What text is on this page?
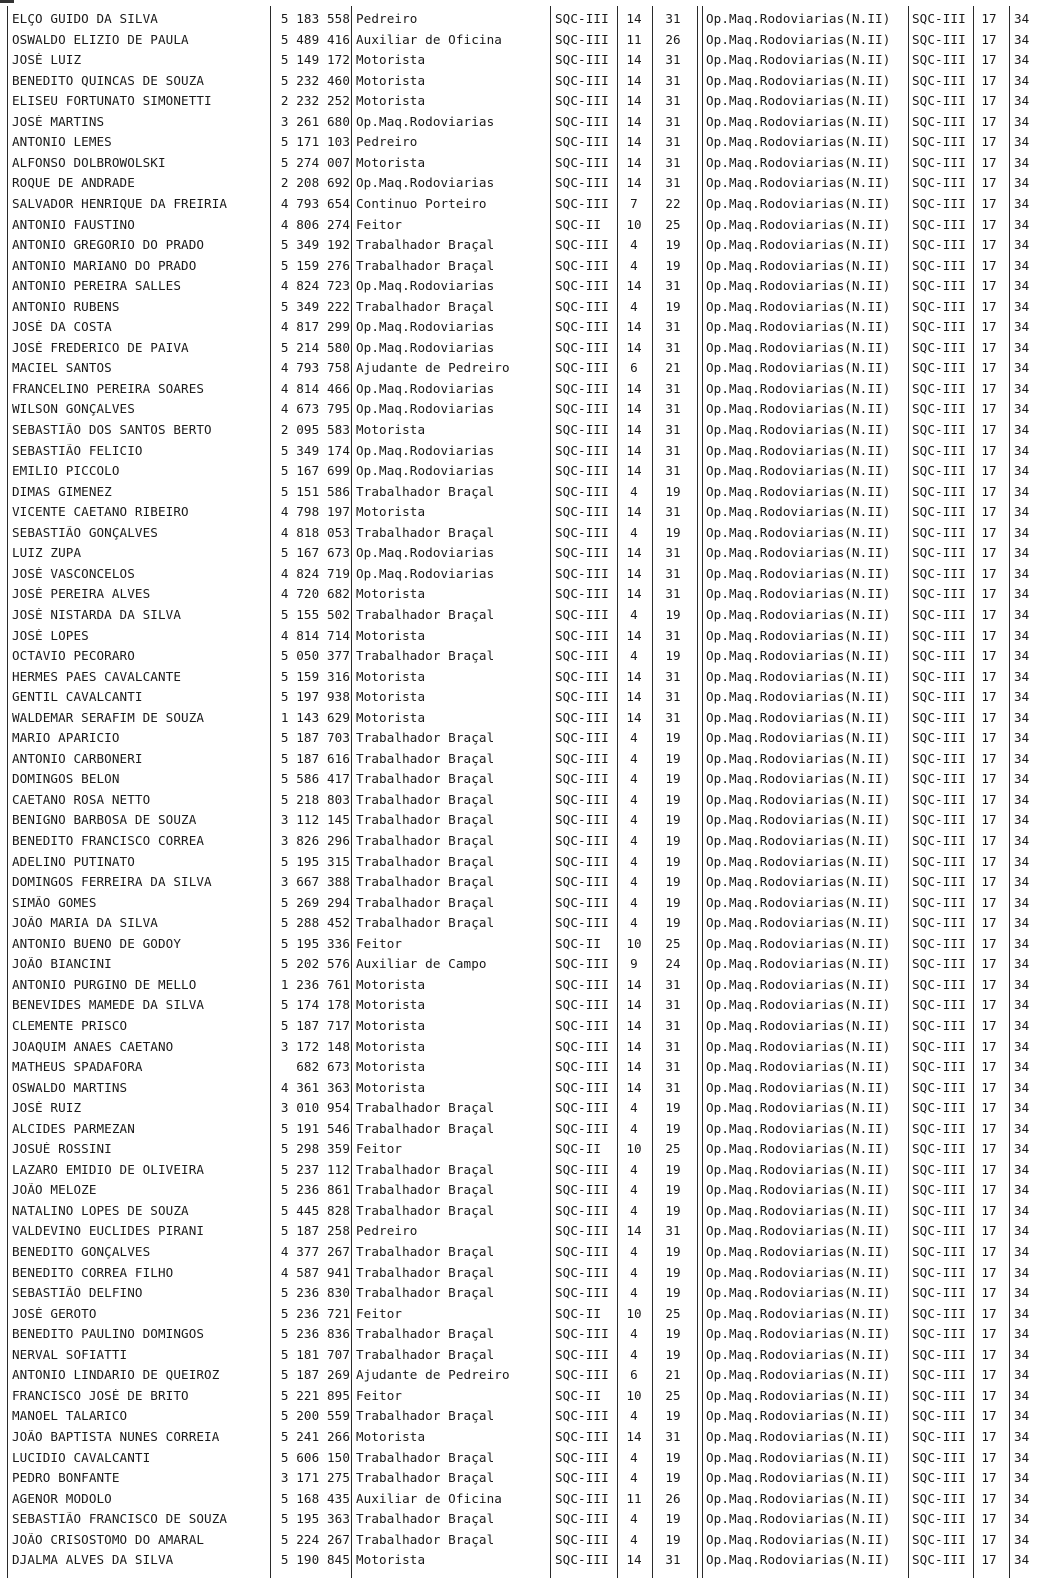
ELÇO GUIDO DA SILVA	5 183 558 Pedreiro	SQC-III	14	31	Op.Maq.Rodoviarias(N.II)	SQC-III	17	34
OSWALDO ELIZIO DE PAULA	5 489 416 Auxiliar de Oficina	SQC-III	11	26	Op.Maq.Rodoviarias(N.II)	SQC-III	17	34
JOSÉ LUIZ	5 149 172 Motorista	SQC-III	14	31	Op.Maq.Rodoviarias(N.II)	SQC-III	17	34
BENEDITO QUINCAS DE SOUZA	5 232 460 Motorista	SQC-III	14	31	Op.Maq.Rodoviarias(N.II)	SQC-III	17	34
ELISEU FORTUNATO SIMONETTI	2 232 252 Motorista	SQC-III	14	31	Op.Maq.Rodoviarias(N.II)	SQC-III	17	34
JOSÉ MARTINS	3 261 680 Op.Maq.Rodoviarias	SQC-III	14	31	Op.Maq.Rodoviarias(N.II)	SQC-III	17	34
ANTONIO LEMES	5 171 103 Pedreiro	SQC-III	14	31	Op.Maq.Rodoviarias(N.II)	SQC-III	17	34
ALFONSO DOLBROWOLSKI	5 274 007 Motorista	SQC-III	14	31	Op.Maq.Rodoviarias(N.II)	SQC-III	17	34
ROQUE DE ANDRADE	2 208 692 Op.Maq.Rodoviarias	SQC-III	14	31	Op.Maq.Rodoviarias(N.II)	SQC-III	17	34
SALVADOR HENRIQUE DA FREIRIA	4 793 654 Continuo Porteiro	SQC-III	7	22	Op.Maq.Rodoviarias(N.II)	SQC-III	17	34
ANTONIO FAUSTINO	4 806 274 Feitor	SQC-II	10	25	Op.Maq.Rodoviarias(N.II)	SQC-III	17	34
ANTONIO GREGORIO DO PRADO	5 349 192 Trabalhador Braçal	SQC-III	4	19	Op.Maq.Rodoviarias(N.II)	SQC-III	17	34
ANTONIO MARIANO DO PRADO	5 159 276 Trabalhador Braçal	SQC-III	4	19	Op.Maq.Rodoviarias(N.II)	SQC-III	17	34
ANTONIO PEREIRA SALLES	4 824 723 Op.Maq.Rodoviarias	SQC-III	14	31	Op.Maq.Rodoviarias(N.II)	SQC-III	17	34
ANTONIO RUBENS	5 349 222 Trabalhador Braçal	SQC-III	4	19	Op.Maq.Rodoviarias(N.II)	SQC-III	17	34
JOSÉ DA COSTA	4 817 299 Op.Maq.Rodoviarias	SQC-III	14	31	Op.Maq.Rodoviarias(N.II)	SQC-III	17	34
JOSÉ FREDERICO DE PAIVA	5 214 580 Op.Maq.Rodoviarias	SQC-III	14	31	Op.Maq.Rodoviarias(N.II)	SQC-III	17	34
MACIEL SANTOS	4 793 758 Ajudante de Pedreiro	SQC-III	6	21	Op.Maq.Rodoviarias(N.II)	SQC-III	17	34
FRANCELINO PEREIRA SOARES	4 814 466 Op.Maq.Rodoviarias	SQC-III	14	31	Op.Maq.Rodoviarias(N.II)	SQC-III	17	34
WILSON GONÇALVES	4 673 795 Op.Maq.Rodoviarias	SQC-III	14	31	Op.Maq.Rodoviarias(N.II)	SQC-III	17	34
SEBASTIÃO DOS SANTOS BERTO	2 095 583 Motorista	SQC-III	14	31	Op.Maq.Rodoviarias(N.II)	SQC-III	17	34
SEBASTIÃO FELICIO	5 349 174 Op.Maq.Rodoviarias	SQC-III	14	31	Op.Maq.Rodoviarias(N.II)	SQC-III	17	34
EMILIO PICCOLO	5 167 699 Op.Maq.Rodoviarias	SQC-III	14	31	Op.Maq.Rodoviarias(N.II)	SQC-III	17	34
DIMAS GIMENEZ	5 151 586 Trabalhador Braçal	SQC-III	4	19	Op.Maq.Rodoviarias(N.II)	SQC-III	17	34
VICENTE CAETANO RIBEIRO	4 798 197 Motorista	SQC-III	14	31	Op.Maq.Rodoviarias(N.II)	SQC-III	17	34
SEBASTIÃO GONÇALVES	4 818 053 Trabalhador Braçal	SQC-III	4	19	Op.Maq.Rodoviarias(N.II)	SQC-III	17	34
LUIZ ZUPA	5 167 673 Op.Maq.Rodoviarias	SQC-III	14	31	Op.Maq.Rodoviarias(N.II)	SQC-III	17	34
JOSÉ VASCONCELOS	4 824 719 Op.Maq.Rodoviarias	SQC-III	14	31	Op.Maq.Rodoviarias(N.II)	SQC-III	17	34
JOSÉ PEREIRA ALVES	4 720 682 Motorista	SQC-III	14	31	Op.Maq.Rodoviarias(N.II)	SQC-III	17	34
JOSÉ NISTARDA DA SILVA	5 155 502 Trabalhador Braçal	SQC-III	4	19	Op.Maq.Rodoviarias(N.II)	SQC-III	17	34
JOSÉ LOPES	4 814 714 Motorista	SQC-III	14	31	Op.Maq.Rodoviarias(N.II)	SQC-III	17	34
OCTAVIO PECORARO	5 050 377 Trabalhador Braçal	SQC-III	4	19	Op.Maq.Rodoviarias(N.II)	SQC-III	17	34
HERMES PAES CAVALCANTE	5 159 316 Motorista	SQC-III	14	31	Op.Maq.Rodoviarias(N.II)	SQC-III	17	34
GENTIL CAVALCANTI	5 197 938 Motorista	SQC-III	14	31	Op.Maq.Rodoviarias(N.II)	SQC-III	17	34
WALDEMAR SERAFIM DE SOUZA	1 143 629 Motorista	SQC-III	14	31	Op.Maq.Rodoviarias(N.II)	SQC-III	17	34
MARIO APARICIO	5 187 703 Trabalhador Braçal	SQC-III	4	19	Op.Maq.Rodoviarias(N.II)	SQC-III	17	34
ANTONIO CARBONERI	5 187 616 Trabalhador Braçal	SQC-III	4	19	Op.Maq.Rodoviarias(N.II)	SQC-III	17	34
DOMINGOS BELON	5 586 417 Trabalhador Braçal	SQC-III	4	19	Op.Maq.Rodoviarias(N.II)	SQC-III	17	34
CAETANO ROSA NETTO	5 218 803 Trabalhador Braçal	SQC-III	4	19	Op.Maq.Rodoviarias(N.II)	SQC-III	17	34
BENIGNO BARBOSA DE SOUZA	3 112 145 Trabalhador Braçal	SQC-III	4	19	Op.Maq.Rodoviarias(N.II)	SQC-III	17	34
BENEDITO FRANCISCO CORREA	3 826 296 Trabalhador Braçal	SQC-III	4	19	Op.Maq.Rodoviarias(N.II)	SQC-III	17	34
ADELINO PUTINATO	5 195 315 Trabalhador Braçal	SQC-III	4	19	Op.Maq.Rodoviarias(N.II)	SQC-III	17	34
DOMINGOS FERREIRA DA SILVA	3 667 388 Trabalhador Braçal	SQC-III	4	19	Op.Maq.Rodoviarias(N.II)	SQC-III	17	34
SIMÃO GOMES	5 269 294 Trabalhador Braçal	SQC-III	4	19	Op.Maq.Rodoviarias(N.II)	SQC-III	17	34
JOÃO MARIA DA SILVA	5 288 452 Trabalhador Braçal	SQC-III	4	19	Op.Maq.Rodoviarias(N.II)	SQC-III	17	34
ANTONIO BUENO DE GODOY	5 195 336 Feitor	SQC-II	10	25	Op.Maq.Rodoviarias(N.II)	SQC-III	17	34
JOÃO BIANCINI	5 202 576 Auxiliar de Campo	SQC-III	9	24	Op.Maq.Rodoviarias(N.II)	SQC-III	17	34
ANTONIO PURGINO DE MELLO	1 236 761 Motorista	SQC-III	14	31	Op.Maq.Rodoviarias(N.II)	SQC-III	17	34
BENEVIDES MAMEDE DA SILVA	5 174 178 Motorista	SQC-III	14	31	Op.Maq.Rodoviarias(N.II)	SQC-III	17	34
CLEMENTE PRISCO	5 187 717 Motorista	SQC-III	14	31	Op.Maq.Rodoviarias(N.II)	SQC-III	17	34
JOAQUIM ANAES CAETANO	3 172 148 Motorista	SQC-III	14	31	Op.Maq.Rodoviarias(N.II)	SQC-III	17	34
MATHEUS SPADAFORA	682 673 Motorista	SQC-III	14	31	Op.Maq.Rodoviarias(N.II)	SQC-III	17	34
OSWALDO MARTINS	4 361 363 Motorista	SQC-III	14	31	Op.Maq.Rodoviarias(N.II)	SQC-III	17	34
JOSÉ RUIZ	3 010 954 Trabalhador Braçal	SQC-III	4	19	Op.Maq.Rodoviarias(N.II)	SQC-III	17	34
ALCIDES PARMEZAN	5 191 546 Trabalhador Braçal	SQC-III	4	19	Op.Maq.Rodoviarias(N.II)	SQC-III	17	34
JOSUÉ ROSSINI	5 298 359 Feitor	SQC-II	10	25	Op.Maq.Rodoviarias(N.II)	SQC-III	17	34
LAZARO EMIDIO DE OLIVEIRA	5 237 112 Trabalhador Braçal	SQC-III	4	19	Op.Maq.Rodoviarias(N.II)	SQC-III	17	34
JOÃO MELOZE	5 236 861 Trabalhador Braçal	SQC-III	4	19	Op.Maq.Rodoviarias(N.II)	SQC-III	17	34
NATALINO LOPES DE SOUZA	5 445 828 Trabalhador Braçal	SQC-III	4	19	Op.Maq.Rodoviarias(N.II)	SQC-III	17	34
VALDEVINO EUCLIDES PIRANI	5 187 258 Pedreiro	SQC-III	14	31	Op.Maq.Rodoviarias(N.II)	SQC-III	17	34
BENEDITO GONÇALVES	4 377 267 Trabalhador Braçal	SQC-III	4	19	Op.Maq.Rodoviarias(N.II)	SQC-III	17	34
BENEDITO CORREA FILHO	4 587 941 Trabalhador Braçal	SQC-III	4	19	Op.Maq.Rodoviarias(N.II)	SQC-III	17	34
SEBASTIÃO DELFINO	5 236 830 Trabalhador Braçal	SQC-III	4	19	Op.Maq.Rodoviarias(N.II)	SQC-III	17	34
JOSÉ GEROTO	5 236 721 Feitor	SQC-II	10	25	Op.Maq.Rodoviarias(N.II)	SQC-III	17	34
BENEDITO PAULINO DOMINGOS	5 236 836 Trabalhador Braçal	SQC-III	4	19	Op.Maq.Rodoviarias(N.II)	SQC-III	17	34
NERVAL SOFIATTI	5 181 707 Trabalhador Braçal	SQC-III	4	19	Op.Maq.Rodoviarias(N.II)	SQC-III	17	34
ANTONIO LINDARIO DE QUEIROZ	5 187 269 Ajudante de Pedreiro	SQC-III	6	21	Op.Maq.Rodoviarias(N.II)	SQC-III	17	34
FRANCISCO JOSÉ DE BRITO	5 221 895 Feitor	SQC-II	10	25	Op.Maq.Rodoviarias(N.II)	SQC-III	17	34
MANOEL TALARICO	5 200 559 Trabalhador Braçal	SQC-III	4	19	Op.Maq.Rodoviarias(N.II)	SQC-III	17	34
JOÃO BAPTISTA NUNES CORREIA	5 241 266 Motorista	SQC-III	14	31	Op.Maq.Rodoviarias(N.II)	SQC-III	17	34
LUCIDIO CAVALCANTI	5 606 150 Trabalhador Braçal	SQC-III	4	19	Op.Maq.Rodoviarias(N.II)	SQC-III	17	34
PEDRO BONFANTE	3 171 275 Trabalhador Braçal	SQC-III	4	19	Op.Maq.Rodoviarias(N.II)	SQC-III	17	34
AGENOR MODOLO	5 168 435 Auxiliar de Oficina	SQC-III	11	26	Op.Maq.Rodoviarias(N.II)	SQC-III	17	34
SEBASTIÃO FRANCISCO DE SOUZA	5 195 363 Trabalhador Braçal	SQC-III	4	19	Op.Maq.Rodoviarias(N.II)	SQC-III	17	34
JOÃO CRISOSTOMO DO AMARAL	5 224 267 Trabalhador Braçal	SQC-III	4	19	Op.Maq.Rodoviarias(N.II)	SQC-III	17	34
DJALMA ALVES DA SILVA	5 190 845 Motorista	SQC-III	14	31	Op.Maq.Rodoviarias(N.II)	SQC-III	17	34
